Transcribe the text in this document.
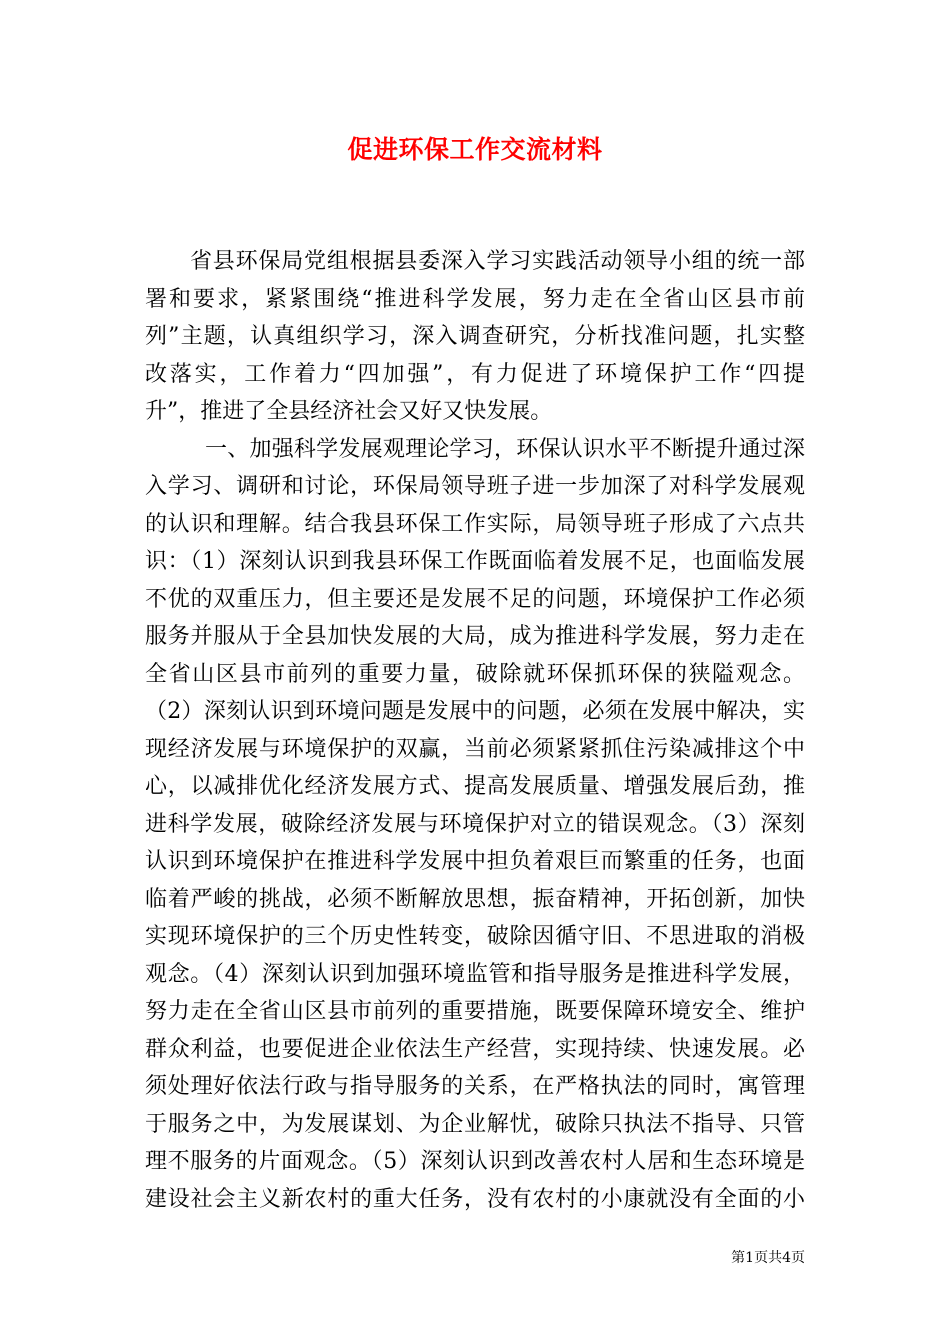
促进环保工作交流材料
省县环保局党组根据县委深入学习实践活动领导小组的统一部
署和要求，紧紧围绕“推进科学发展，努力走在全省山区县市前
列”主题，认真组织学习，深入调查研究，分析找准问题，扎实整
改落实，工作着力“四加强”，有力促进了环境保护工作“四提
升”，推进了全县经济社会又好又快发展。
一、加强科学发展观理论学习，环保认识水平不断提升通过深
入学习、调研和讨论，环保局领导班子进一步加深了对科学发展观
的认识和理解。结合我县环保工作实际，局领导班子形成了六点共
识：（1）深刻认识到我县环保工作既面临着发展不足，也面临发展
不优的双重压力，但主要还是发展不足的问题，环境保护工作必须
服务并服从于全县加快发展的大局，成为推进科学发展，努力走在
全省山区县市前列的重要力量，破除就环保抓环保的狭隘观念。
（2）深刻认识到环境问题是发展中的问题，必须在发展中解决，实
现经济发展与环境保护的双赢，当前必须紧紧抓住污染减排这个中
心，以减排优化经济发展方式、提高发展质量、增强发展后劲，推
进科学发展，破除经济发展与环境保护对立的错误观念。（3）深刻
认识到环境保护在推进科学发展中担负着艰巨而繁重的任务，也面
临着严峻的挑战，必须不断解放思想，振奋精神，开拓创新，加快
实现环境保护的三个历史性转变，破除因循守旧、不思进取的消极
观念。（4）深刻认识到加强环境监管和指导服务是推进科学发展，
努力走在全省山区县市前列的重要措施，既要保障环境安全、维护
群众利益，也要促进企业依法生产经营，实现持续、快速发展。必
须处理好依法行政与指导服务的关系，在严格执法的同时，寓管理
于服务之中，为发展谋划、为企业解忧，破除只执法不指导、只管
理不服务的片面观念。（5）深刻认识到改善农村人居和生态环境是
建设社会主义新农村的重大任务，没有农村的小康就没有全面的小
第1页共4页
